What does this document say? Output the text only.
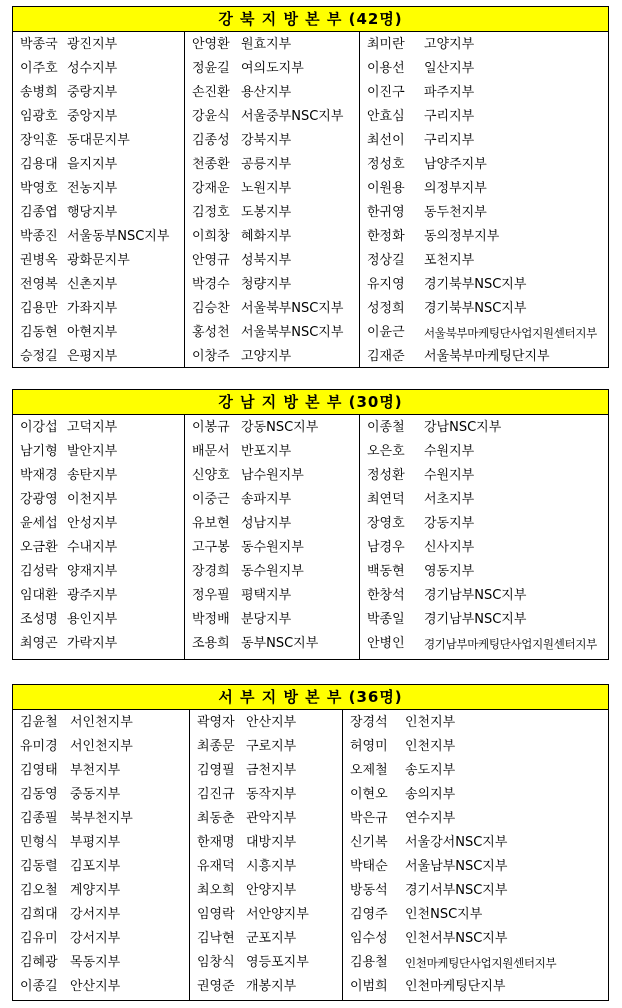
강 북 지 방 본 부 (42명)
박종국 광진지부
이주호 성수지부
송병희 중랑지부
임광호 중앙지부
장익훈 동대문지부
김용대 을지지부
박영호 전농지부
김종엽 행당지부
박종진 서울동부NSC지부
권병옥 광화문지부
전영복 신촌지부
김용만 가좌지부
김동현 아현지부
승정길 은평지부
안영환 원효지부
정윤길 여의도지부
손진환 용산지부
강윤식 서울중부NSC지부
김종성 강북지부
천종환 공릉지부
강재운 노원지부
김정호 도봉지부
이희창 혜화지부
안영규 성북지부
박경수 청량지부
김승찬 서울북부NSC지부
홍성천 서울북부NSC지부
이창주 고양지부
최미란 고양지부
이용선 일산지부
이진구 파주지부
안효심 구리지부
최선이 구리지부
정성호 남양주지부
이원용 의정부지부
한귀영 동두천지부
한정화 동의정부지부
정상길 포천지부
유지영 경기북부NSC지부
성정희 경기북부NSC지부
이윤근 서울북부마케팅단사업지원센터지부
김재준 서울북부마케팅단지부
강 남 지 방 본 부 (30명)
이강섭 고덕지부
남기형 발안지부
박재경 송탄지부
강광영 이천지부
윤세섭 안성지부
오금환 수내지부
김성락 양재지부
임대환 광주지부
조성명 용인지부
최영곤 가락지부
이봉규 강동NSC지부
배문서 반포지부
신양호 남수원지부
이중근 송파지부
유보현 성남지부
고구봉 동수원지부
장경희 동수원지부
정우필 평택지부
박정배 분당지부
조용희 동부NSC지부
이종철 강남NSC지부
오은호 수원지부
정성환 수원지부
최연덕 서초지부
장영호 강동지부
남경우 신사지부
백동현 영동지부
한창석 경기남부NSC지부
박종일 경기남부NSC지부
안병인 경기남부마케팅단사업지원센터지부
서 부 지 방 본 부 (36명)
김윤철 서인천지부
유미경 서인천지부
김영태 부천지부
김동영 중동지부
김종필 북부천지부
민형식 부평지부
김동렬 김포지부
김오철 계양지부
김희대 강서지부
김유미 강서지부
김혜광 목동지부
이종길 안산지부
곽영자 안산지부
최종문 구로지부
김영필 금천지부
김진규 동작지부
최동춘 관악지부
한재명 대방지부
유재덕 시흥지부
최오희 안양지부
임영락 서안양지부
김낙현 군포지부
임창식 영등포지부
권영준 개봉지부
장경석 인천지부
허영미 인천지부
오제철 송도지부
이현오 송의지부
박은규 연수지부
신기복 서울강서NSC지부
박태순 서울남부NSC지부
방동석 경기서부NSC지부
김영주 인천NSC지부
임수성 인천서부NSC지부
김용철 인천마케팅단사업지원센터지부
이범희 인천마케팅단지부
